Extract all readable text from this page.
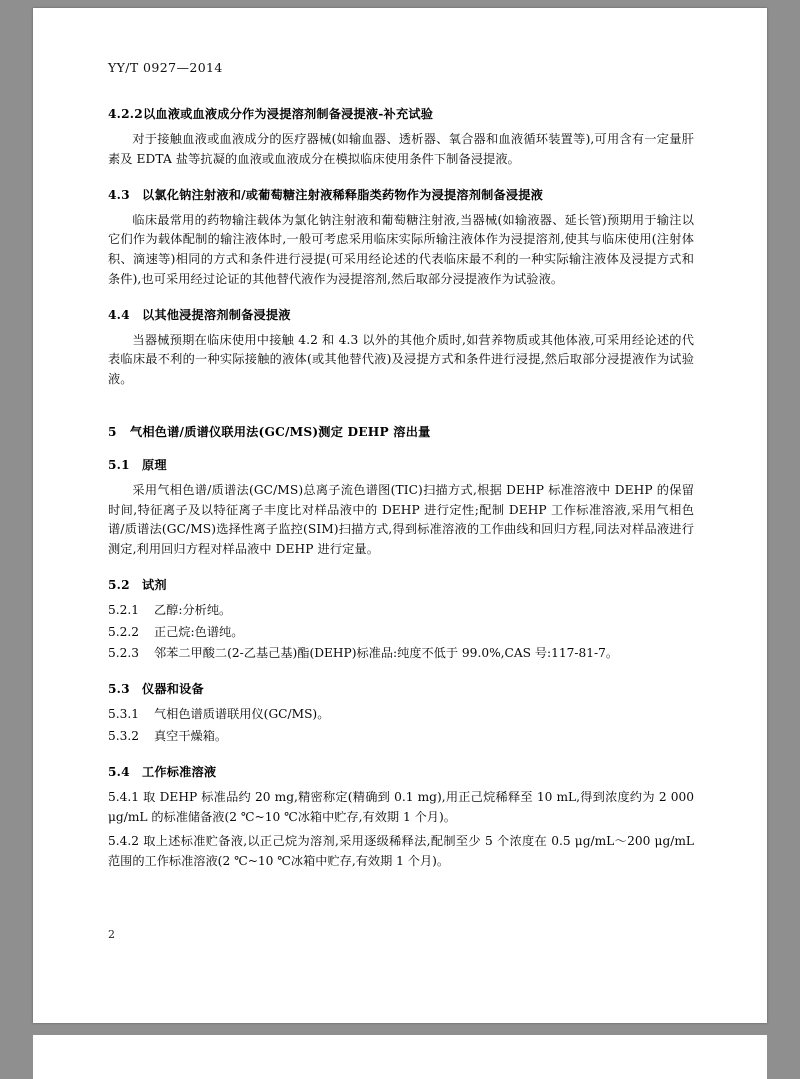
YY/T 0927—2014
4.2.2以血液或血液成分作为浸提溶剂制备浸提液-补充试验
对于接触血液或血液成分的医疗器械(如输血器、透析器、氧合器和血液循环装置等),可用含有一定量肝素及 EDTA 盐等抗凝的血液或血液成分在模拟临床使用条件下制备浸提液。
4.3 以氯化钠注射液和/或葡萄糖注射液稀释脂类药物作为浸提溶剂制备浸提液
临床最常用的药物输注载体为氯化钠注射液和葡萄糖注射液,当器械(如输液器、延长管)预期用于输注以它们作为载体配制的输注液体时,一般可考虑采用临床实际所输注液体作为浸提溶剂,使其与临床使用(注射体积、滴速等)相同的方式和条件进行浸提(可采用经论述的代表临床最不利的一种实际输注液体及浸提方式和条件),也可采用经过论证的其他替代液作为浸提溶剂,然后取部分浸提液作为试验液。
4.4 以其他浸提溶剂制备浸提液
当器械预期在临床使用中接触 4.2 和 4.3 以外的其他介质时,如营养物质或其他体液,可采用经论述的代表临床最不利的一种实际接触的液体(或其他替代液)及浸提方式和条件进行浸提,然后取部分浸提液作为试验液。
5 气相色谱/质谱仪联用法(GC/MS)测定 DEHP 溶出量
5.1 原理
采用气相色谱/质谱法(GC/MS)总离子流色谱图(TIC)扫描方式,根据 DEHP 标准溶液中 DEHP 的保留时间,特征离子及以特征离子丰度比对样品液中的 DEHP 进行定性;配制 DEHP 工作标准溶液,采用气相色谱/质谱法(GC/MS)选择性离子监控(SIM)扫描方式,得到标准溶液的工作曲线和回归方程,同法对样品液进行测定,利用回归方程对样品液中 DEHP 进行定量。
5.2 试剂
5.2.1 乙醇:分析纯。
5.2.2 正己烷:色谱纯。
5.2.3 邻苯二甲酸二(2-乙基己基)酯(DEHP)标准品:纯度不低于 99.0%,CAS 号:117-81-7。
5.3 仪器和设备
5.3.1 气相色谱质谱联用仪(GC/MS)。
5.3.2 真空干燥箱。
5.4 工作标准溶液
5.4.1 取 DEHP 标准品约 20 mg,精密称定(精确到 0.1 mg),用正己烷稀释至 10 mL,得到浓度约为 2 000 μg/mL 的标准储备液(2 ℃~10 ℃冰箱中贮存,有效期 1 个月)。
5.4.2 取上述标准贮备液,以正己烷为溶剂,采用逐级稀释法,配制至少 5 个浓度在 0.5 μg/mL～200 μg/mL 范围的工作标准溶液(2 ℃~10 ℃冰箱中贮存,有效期 1 个月)。
2
